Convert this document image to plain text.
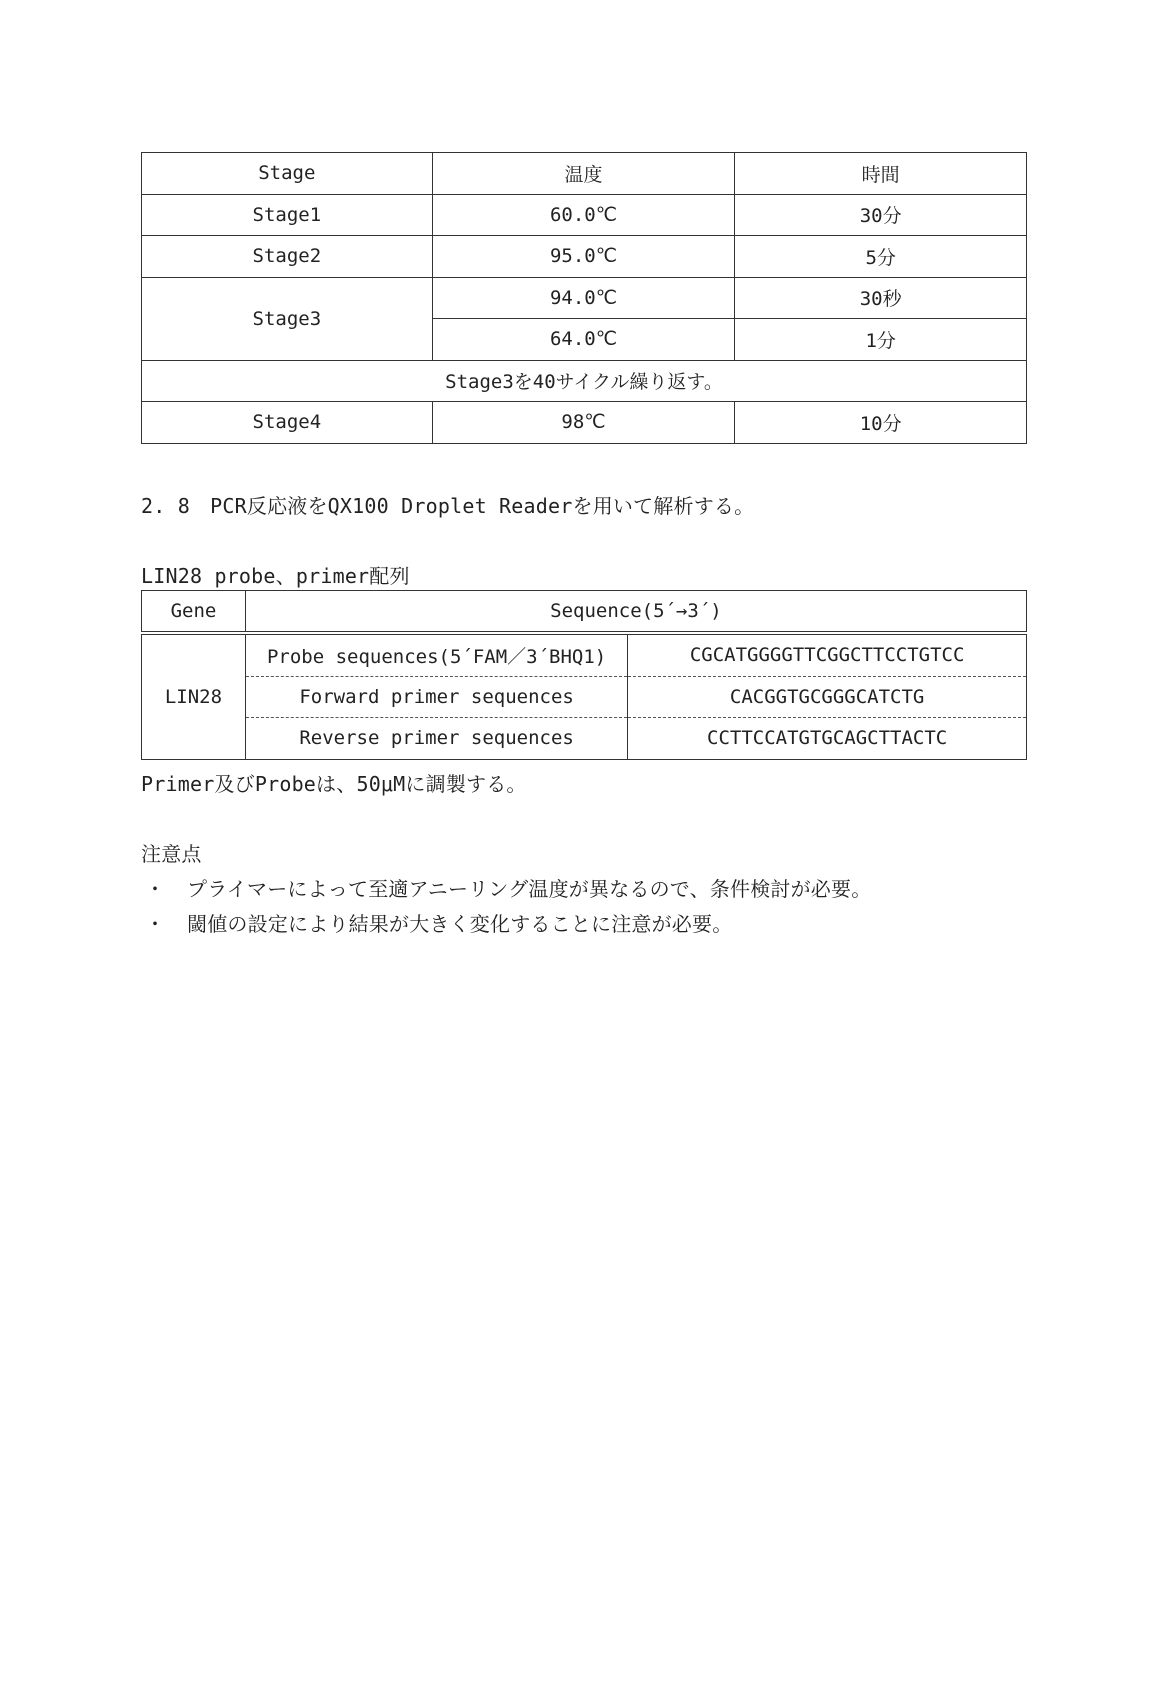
Stage	温度	時間
Stage1	60.0℃	30分
Stage2	95.0℃	5分
Stage3	94.0℃	30秒
	64.0℃	1分
Stage3を40サイクル繰り返す。		
Stage4	98℃	10分
2. 8　PCR反応液をQX100 Droplet Readerを用いて解析する。
LIN28 probe、primer配列
Gene	Sequence(5´→3´)	
LIN28	Probe sequences(5´FAM／3´BHQ1)	CGCATGGGGTTCGGCTTCCTGTCC
	Forward primer sequences	CACGGTGCGGGCATCTG
	Reverse primer sequences	CCTTCCATGTGCAGCTTACTC
Primer及びProbeは、50μMに調製する。
注意点
・ プライマーによって至適アニーリング温度が異なるので、条件検討が必要。
・ 閾値の設定により結果が大きく変化することに注意が必要。
